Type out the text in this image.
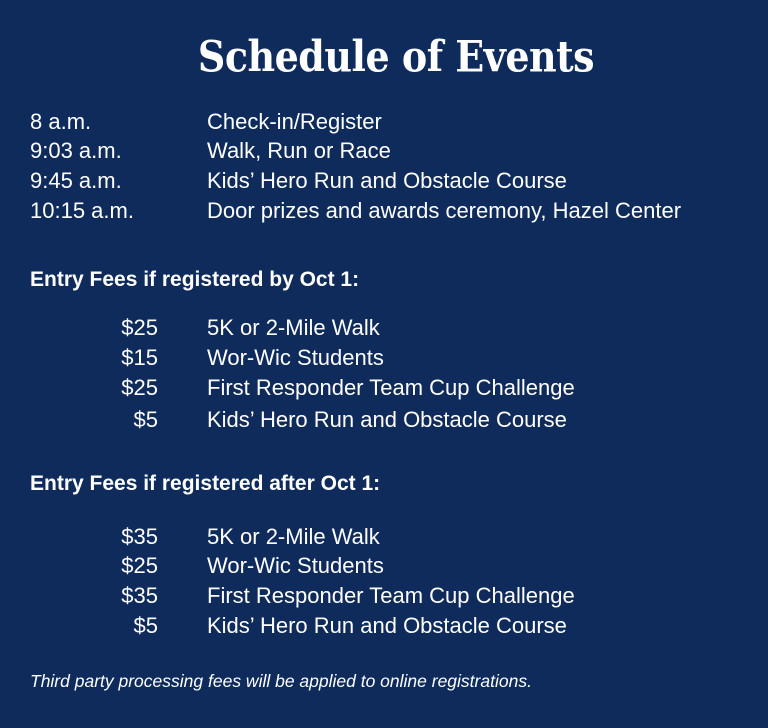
Schedule of Events
8 a.m.	Check-in/Register
9:03 a.m.	Walk, Run or Race
9:45 a.m.	Kids’ Hero Run and Obstacle Course
10:15 a.m.	Door prizes and awards ceremony, Hazel Center
Entry Fees if registered by Oct 1:
$25 5K or 2-Mile Walk
$15 Wor-Wic Students
$25 First Responder Team Cup Challenge
$5 Kids’ Hero Run and Obstacle Course
Entry Fees if registered after Oct 1:
$35 5K or 2-Mile Walk
$25 Wor-Wic Students
$35 First Responder Team Cup Challenge
$5 Kids’ Hero Run and Obstacle Course
Third party processing fees will be applied to online registrations.
